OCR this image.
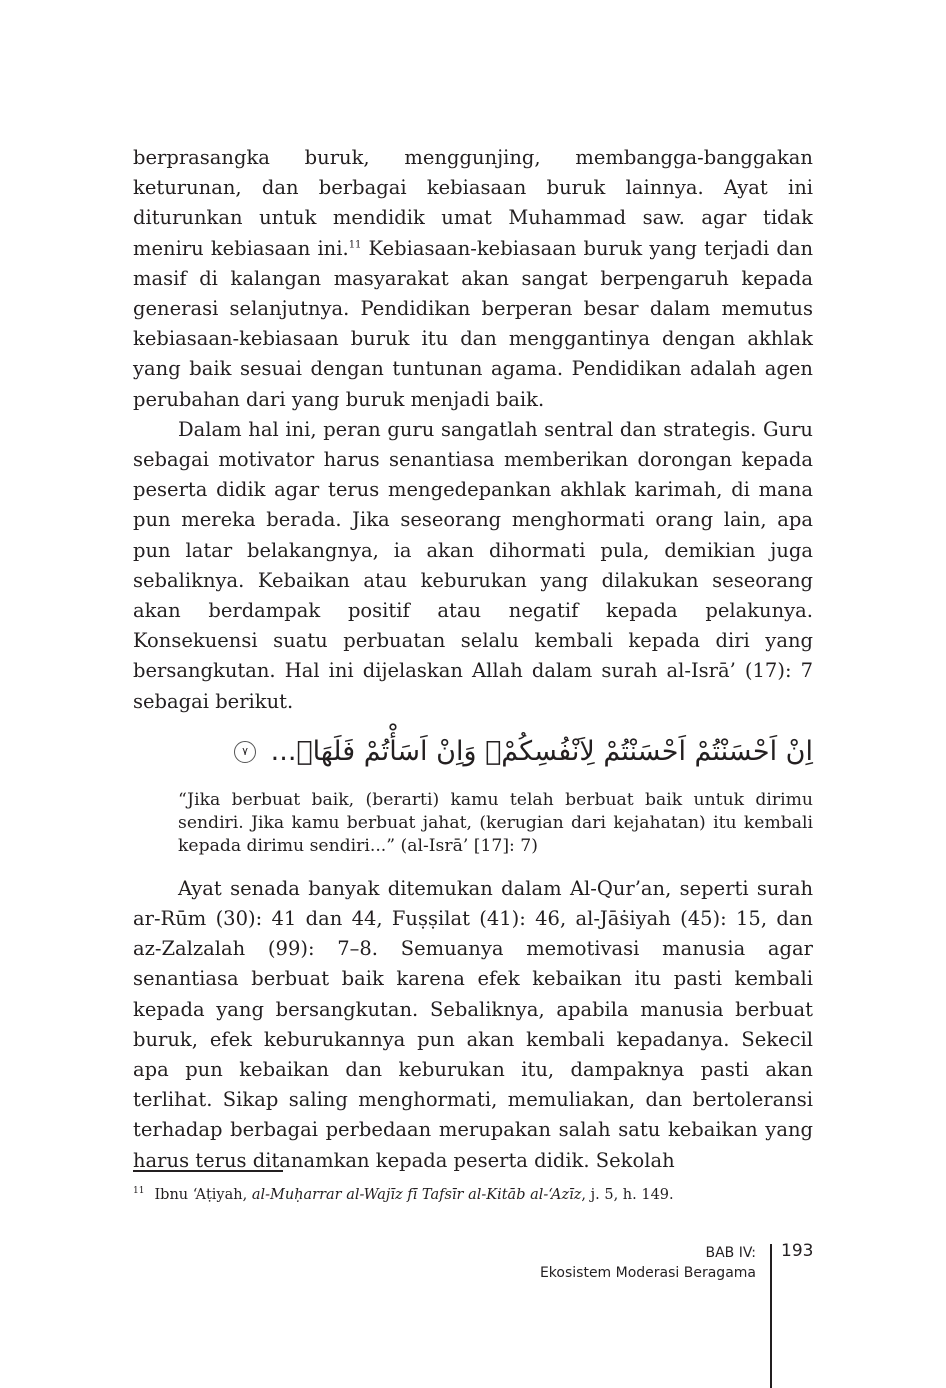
berprasangka buruk, menggunjing, membangga-banggakan keturunan, dan berbagai kebiasaan buruk lainnya. Ayat ini diturunkan untuk mendidik umat Muhammad saw. agar tidak meniru kebiasaan ini.$^{11}$ Kebiasaan-kebiasaan buruk yang terjadi dan masif di kalangan masyarakat akan sangat berpengaruh kepada generasi selanjutnya. Pendidikan berperan besar dalam memutus kebiasaan-kebiasaan buruk itu dan menggantinya dengan akhlak yang baik sesuai dengan tuntunan agama. Pendidikan adalah agen perubahan dari yang buruk menjadi baik.

Dalam hal ini, peran guru sangatlah sentral dan strategis. Guru sebagai motivator harus senantiasa memberikan dorongan kepada peserta didik agar terus mengedepankan akhlak karimah, di mana pun mereka berada. Jika seseorang menghormati orang lain, apa pun latar belakangnya, ia akan dihormati pula, demikian juga sebaliknya. Kebaikan atau keburukan yang dilakukan seseorang akan berdampak positif atau negatif kepada pelakunya. Konsekuensi suatu perbuatan selalu kembali kepada diri yang bersangkutan. Hal ini dijelaskan Allah dalam surah al-Isrā’ (17): 7 sebagai berikut.

اِنْ اَحْسَنْتُمْ اَحْسَنْتُمْ لِاَنْفُسِكُمْۗ وَاِنْ اَسَأْتُمْ فَلَهَاۗ... ٧

“Jika berbuat baik, (berarti) kamu telah berbuat baik untuk dirimu sendiri. Jika kamu berbuat jahat, (kerugian dari kejahatan) itu kembali kepada dirimu sendiri...” (al-Isrā’ [17]: 7)

Ayat senada banyak ditemukan dalam Al-Qur’an, seperti surah ar-Rūm (30): 41 dan 44, Fuṣṣilat (41): 46, al-Jāṡiyah (45): 15, dan az-Zalzalah (99): 7–8. Semuanya memotivasi manusia agar senantiasa berbuat baik karena efek kebaikan itu pasti kembali kepada yang bersangkutan. Sebaliknya, apabila manusia berbuat buruk, efek keburukannya pun akan kembali kepadanya. Sekecil apa pun kebaikan dan keburukan itu, dampaknya pasti akan terlihat. Sikap saling menghormati, memuliakan, dan bertoleransi terhadap berbagai perbedaan merupakan salah satu kebaikan yang harus terus ditanamkan kepada peserta didik. Sekolah

$^{11}$ Ibnu ‘Aṭiyah, al-Muḥarrar al-Wajīz fī Tafsīr al-Kitāb al-‘Azīz, j. 5, h. 149.
BAB IV:
Ekosistem Moderasi Beragama
193
